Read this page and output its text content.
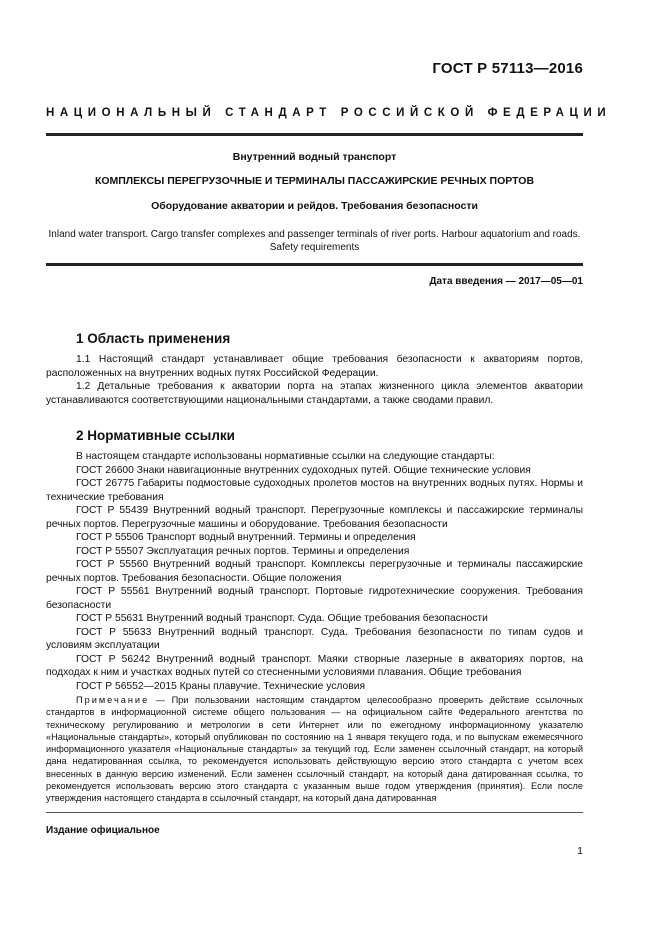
ГОСТ Р 57113—2016
НАЦИОНАЛЬНЫЙ СТАНДАРТ РОССИЙСКОЙ ФЕДЕРАЦИИ
Внутренний водный транспорт
КОМПЛЕКСЫ ПЕРЕГРУЗОЧНЫЕ И ТЕРМИНАЛЫ ПАССАЖИРСКИЕ РЕЧНЫХ ПОРТОВ
Оборудование акватории и рейдов. Требования безопасности
Inland water transport. Cargo transfer complexes and passenger terminals of river ports. Harbour aquatorium and roads.
Safety requirements
Дата введения — 2017—05—01
1 Область применения

1.1 Настоящий стандарт устанавливает общие требования безопасности к акваториям портов, расположенных на внутренних водных путях Российской Федерации.

1.2 Детальные требования к акватории порта на этапах жизненного цикла элементов акватории устанавливаются соответствующими национальными стандартами, а также сводами правил.

2 Нормативные ссылки

В настоящем стандарте использованы нормативные ссылки на следующие стандарты:

ГОСТ 26600 Знаки навигационные внутренних судоходных путей. Общие технические условия

ГОСТ 26775 Габариты подмостовые судоходных пролетов мостов на внутренних водных путях. Нормы и технические требования

ГОСТ Р 55439 Внутренний водный транспорт. Перегрузочные комплексы и пассажирские терминалы речных портов. Перегрузочные машины и оборудование. Требования безопасности

ГОСТ Р 55506 Транспорт водный внутренний. Термины и определения

ГОСТ Р 55507 Эксплуатация речных портов. Термины и определения

ГОСТ Р 55560 Внутренний водный транспорт. Комплексы перегрузочные и терминалы пассажирские речных портов. Требования безопасности. Общие положения

ГОСТ Р 55561 Внутренний водный транспорт. Портовые гидротехнические сооружения. Требования безопасности

ГОСТ Р 55631 Внутренний водный транспорт. Суда. Общие требования безопасности

ГОСТ Р 55633 Внутренний водный транспорт. Суда. Требования безопасности по типам судов и условиям эксплуатации

ГОСТ Р 56242 Внутренний водный транспорт. Маяки створные лазерные в акваториях портов, на подходах к ним и участках водных путей со стесненными условиями плавания. Общие требования

ГОСТ Р 56552—2015 Краны плавучие. Технические условия

Примечание — При пользовании настоящим стандартом целесообразно проверить действие ссылочных стандартов в информационной системе общего пользования — на официальном сайте Федерального агентства по техническому регулированию и метрологии в сети Интернет или по ежегодному информационному указателю «Национальные стандарты», который опубликован по состоянию на 1 января текущего года, и по выпускам ежемесячного информационного указателя «Национальные стандарты» за текущий год. Если заменен ссылочный стандарт, на который дана недатированная ссылка, то рекомендуется использовать действующую версию этого стандарта с учетом всех внесенных в данную версию изменений. Если заменен ссылочный стандарт, на который дана датированная ссылка, то рекомендуется использовать версию этого стандарта с указанным выше годом утверждения (принятия). Если после утверждения настоящего стандарта в ссылочный стандарт, на который дана датированная

Издание официальное
1
